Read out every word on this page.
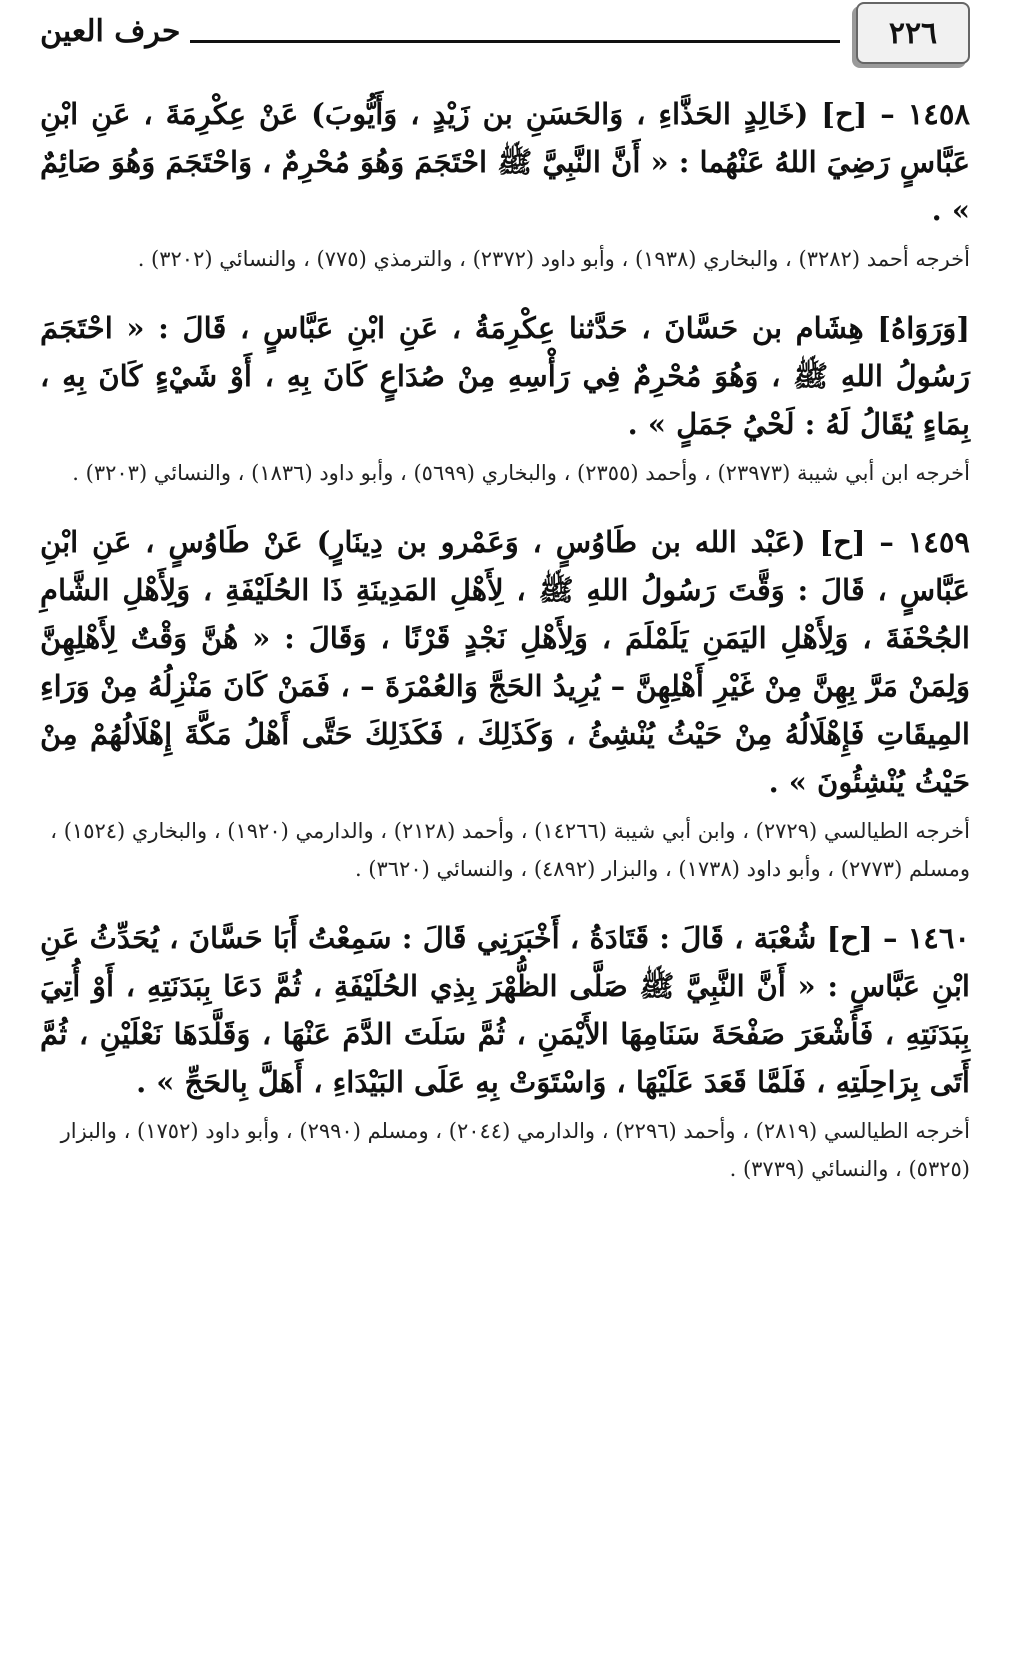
٢٢٦
حرف العين

١٤٥٨ – [ح] (خَالِدٍ الحَذَّاءِ ، وَالحَسَنِ بن زَيْدٍ ، وَأَيُّوبَ) عَنْ عِكْرِمَةَ ، عَنِ ابْنِ عَبَّاسٍ رَضِيَ اللهُ عَنْهُما : « أَنَّ النَّبِيَّ ﷺ احْتَجَمَ وَهُوَ مُحْرِمٌ ، وَاحْتَجَمَ وَهُوَ صَائِمٌ » .

أخرجه أحمد (٣٢٨٢) ، والبخاري (١٩٣٨) ، وأبو داود (٢٣٧٢) ، والترمذي (٧٧٥) ، والنسائي (٣٢٠٢) .

[وَرَوَاهُ] هِشَام بن حَسَّانَ ، حَدَّثنا عِكْرِمَةُ ، عَنِ ابْنِ عَبَّاسٍ ، قَالَ : « احْتَجَمَ رَسُولُ اللهِ ﷺ ، وَهُوَ مُحْرِمٌ فِي رَأْسِهِ مِنْ صُدَاعٍ كَانَ بِهِ ، أَوْ شَيْءٍ كَانَ بِهِ ، بِمَاءٍ يُقَالُ لَهُ : لَحْيُ جَمَلٍ » .

أخرجه ابن أبي شيبة (٢٣٩٧٣) ، وأحمد (٢٣٥٥) ، والبخاري (٥٦٩٩) ، وأبو داود (١٨٣٦) ، والنسائي (٣٢٠٣) .

١٤٥٩ – [ح] (عَبْد الله بن طَاوُسٍ ، وَعَمْرو بن دِينَارٍ) عَنْ طَاوُسٍ ، عَنِ ابْنِ عَبَّاسٍ ، قَالَ : وَقَّتَ رَسُولُ اللهِ ﷺ ، لِأَهْلِ المَدِينَةِ ذَا الحُلَيْفَةِ ، وَلِأَهْلِ الشَّامِ الجُحْفَةَ ، وَلِأَهْلِ اليَمَنِ يَلَمْلَمَ ، وَلِأَهْلِ نَجْدٍ قَرْنًا ، وَقَالَ : « هُنَّ وَقْتٌ لِأَهْلِهِنَّ وَلِمَنْ مَرَّ بِهِنَّ مِنْ غَيْرِ أَهْلِهِنَّ – يُرِيدُ الحَجَّ وَالعُمْرَةَ – ، فَمَنْ كَانَ مَنْزِلُهُ مِنْ وَرَاءِ المِيقَاتِ فَإِهْلَالُهُ مِنْ حَيْثُ يُنْشِئُ ، وَكَذَلِكَ ، فَكَذَلِكَ حَتَّى أَهْلُ مَكَّةَ إِهْلَالُهُمْ مِنْ حَيْثُ يُنْشِئُونَ » .

أخرجه الطيالسي (٢٧٢٩) ، وابن أبي شيبة (١٤٢٦٦) ، وأحمد (٢١٢٨) ، والدارمي (١٩٢٠) ، والبخاري (١٥٢٤) ، ومسلم (٢٧٧٣) ، وأبو داود (١٧٣٨) ، والبزار (٤٨٩٢) ، والنسائي (٣٦٢٠) .

١٤٦٠ – [ح] شُعْبَة ، قَالَ : قَتَادَةُ ، أَخْبَرَنِي قَالَ : سَمِعْتُ أَبَا حَسَّانَ ، يُحَدِّثُ عَنِ ابْنِ عَبَّاسٍ : « أَنَّ النَّبِيَّ ﷺ صَلَّى الظُّهْرَ بِذِي الحُلَيْفَةِ ، ثُمَّ دَعَا بِبَدَنَتِهِ ، أَوْ أُتِيَ بِبَدَنَتِهِ ، فَأَشْعَرَ صَفْحَةَ سَنَامِهَا الأَيْمَنِ ، ثُمَّ سَلَتَ الدَّمَ عَنْهَا ، وَقَلَّدَهَا نَعْلَيْنِ ، ثُمَّ أَتَى بِرَاحِلَتِهِ ، فَلَمَّا قَعَدَ عَلَيْهَا ، وَاسْتَوَتْ بِهِ عَلَى البَيْدَاءِ ، أَهَلَّ بِالحَجِّ » .

أخرجه الطيالسي (٢٨١٩) ، وأحمد (٢٢٩٦) ، والدارمي (٢٠٤٤) ، ومسلم (٢٩٩٠) ، وأبو داود (١٧٥٢) ، والبزار (٥٣٢٥) ، والنسائي (٣٧٣٩) .
